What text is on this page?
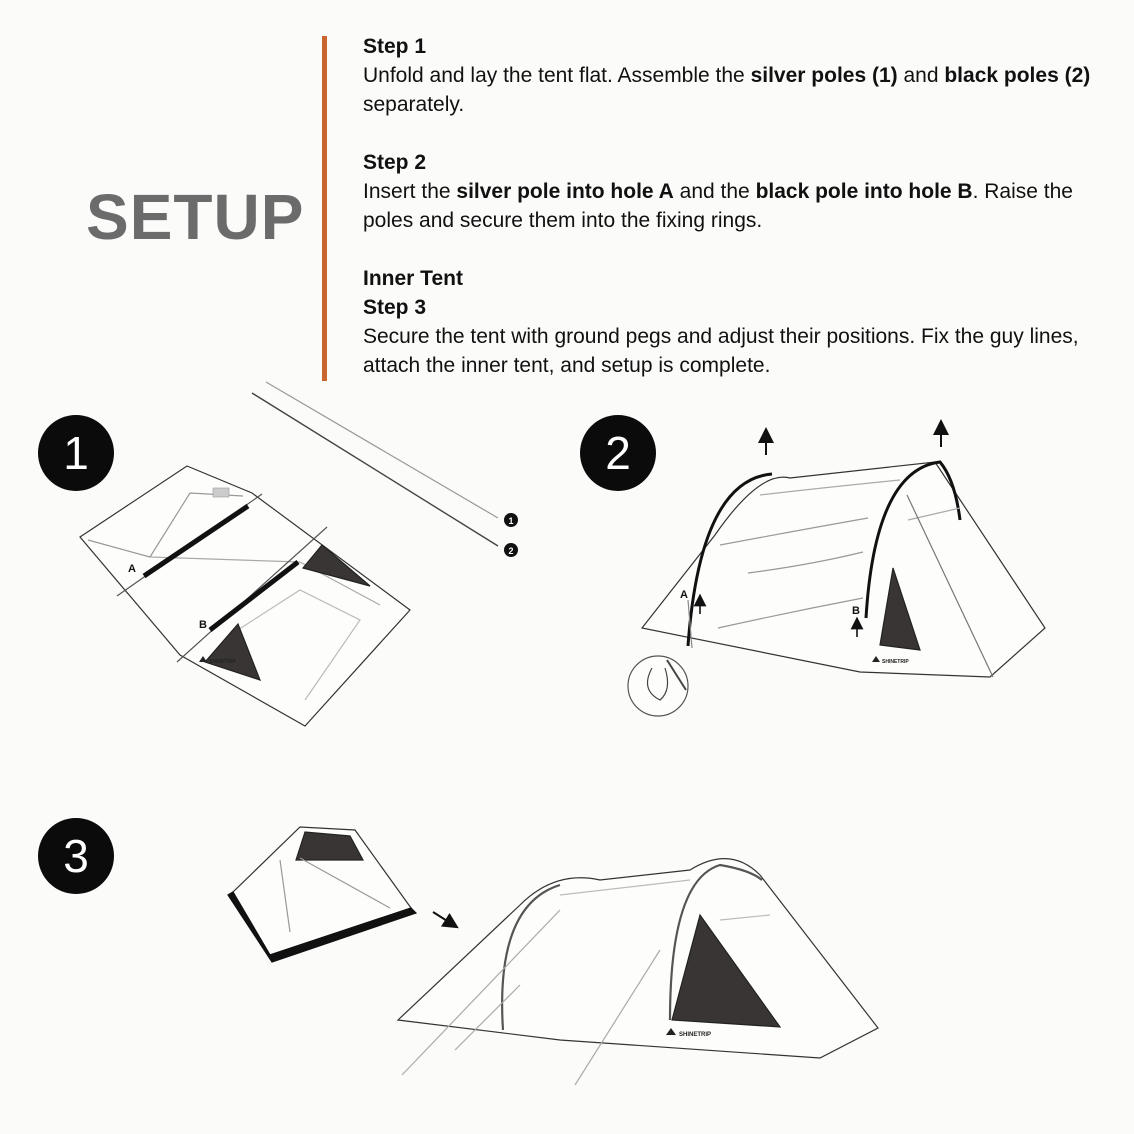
SETUP
Step 1
Unfold and lay the tent flat. Assemble the silver poles (1) and black poles (2) separately.
Step 2
Insert the silver pole into hole A and the black pole into hole B. Raise the poles and secure them into the fixing rings.
Inner Tent
Step 3
Secure the tent with ground pegs and adjust their positions. Fix the guy lines, attach the inner tent, and setup is complete.
1	2
3
SHINETRIP
A
B
1
2
SHINETRIP
A
B
SHINETRIP
